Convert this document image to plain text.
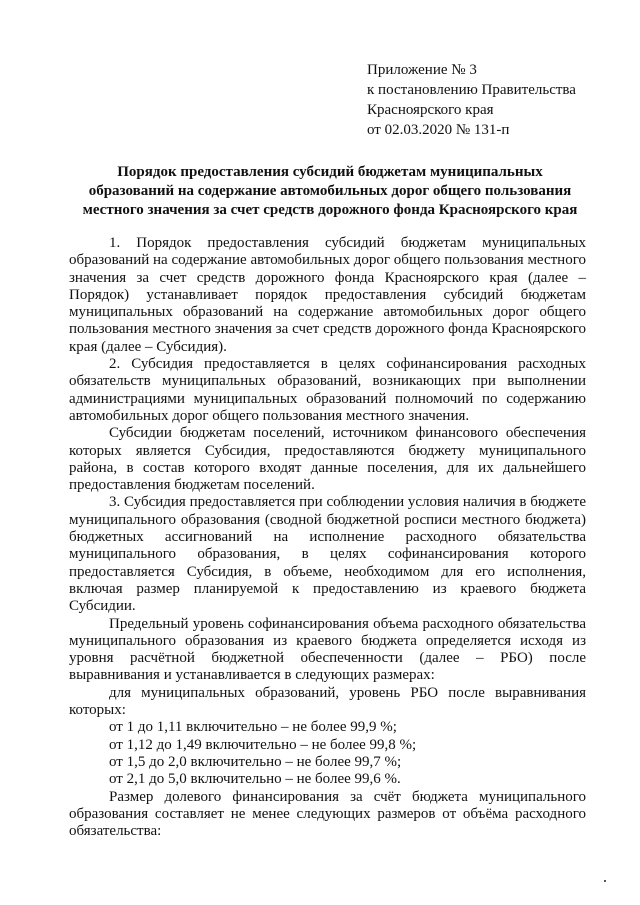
Приложение № 3
к постановлению Правительства
Красноярского края
от 02.03.2020 № 131-п
Порядок предоставления субсидий бюджетам муниципальных
образований на содержание автомобильных дорог общего пользования
местного значения за счет средств дорожного фонда Красноярского края

1. Порядок предоставления субсидий бюджетам муниципальных образований на содержание автомобильных дорог общего пользования местного значения за счет средств дорожного фонда Красноярского края (далее – Порядок) устанавливает порядок предоставления субсидий бюджетам муниципальных образований на содержание автомобильных дорог общего пользования местного значения за счет средств дорожного фонда Красноярского края (далее – Субсидия).

2. Субсидия предоставляется в целях софинансирования расходных обязательств муниципальных образований, возникающих при выполнении администрациями муниципальных образований полномочий по содержанию автомобильных дорог общего пользования местного значения.

Субсидии бюджетам поселений, источником финансового обеспечения которых является Субсидия, предоставляются бюджету муниципального района, в состав которого входят данные поселения, для их дальнейшего предоставления бюджетам поселений.

3. Субсидия предоставляется при соблюдении условия наличия в бюджете муниципального образования (сводной бюджетной росписи местного бюджета) бюджетных ассигнований на исполнение расходного обязательства муниципального образования, в целях софинансирования которого предоставляется Субсидия, в объеме, необходимом для его исполнения, включая размер планируемой к предоставлению из краевого бюджета Субсидии.

Предельный уровень софинансирования объема расходного обязательства муниципального образования из краевого бюджета определяется исходя из уровня расчётной бюджетной обеспеченности (далее – РБО) после выравнивания и устанавливается в следующих размерах:

для муниципальных образований, уровень РБО после выравнивания которых:

от 1 до 1,11 включительно – не более 99,9 %;

от 1,12 до 1,49 включительно – не более 99,8 %;

от 1,5 до 2,0 включительно – не более 99,7 %;

от 2,1 до 5,0 включительно – не более 99,6 %.

Размер долевого финансирования за счёт бюджета муниципального образования составляет не менее следующих размеров от объёма расходного обязательства:
